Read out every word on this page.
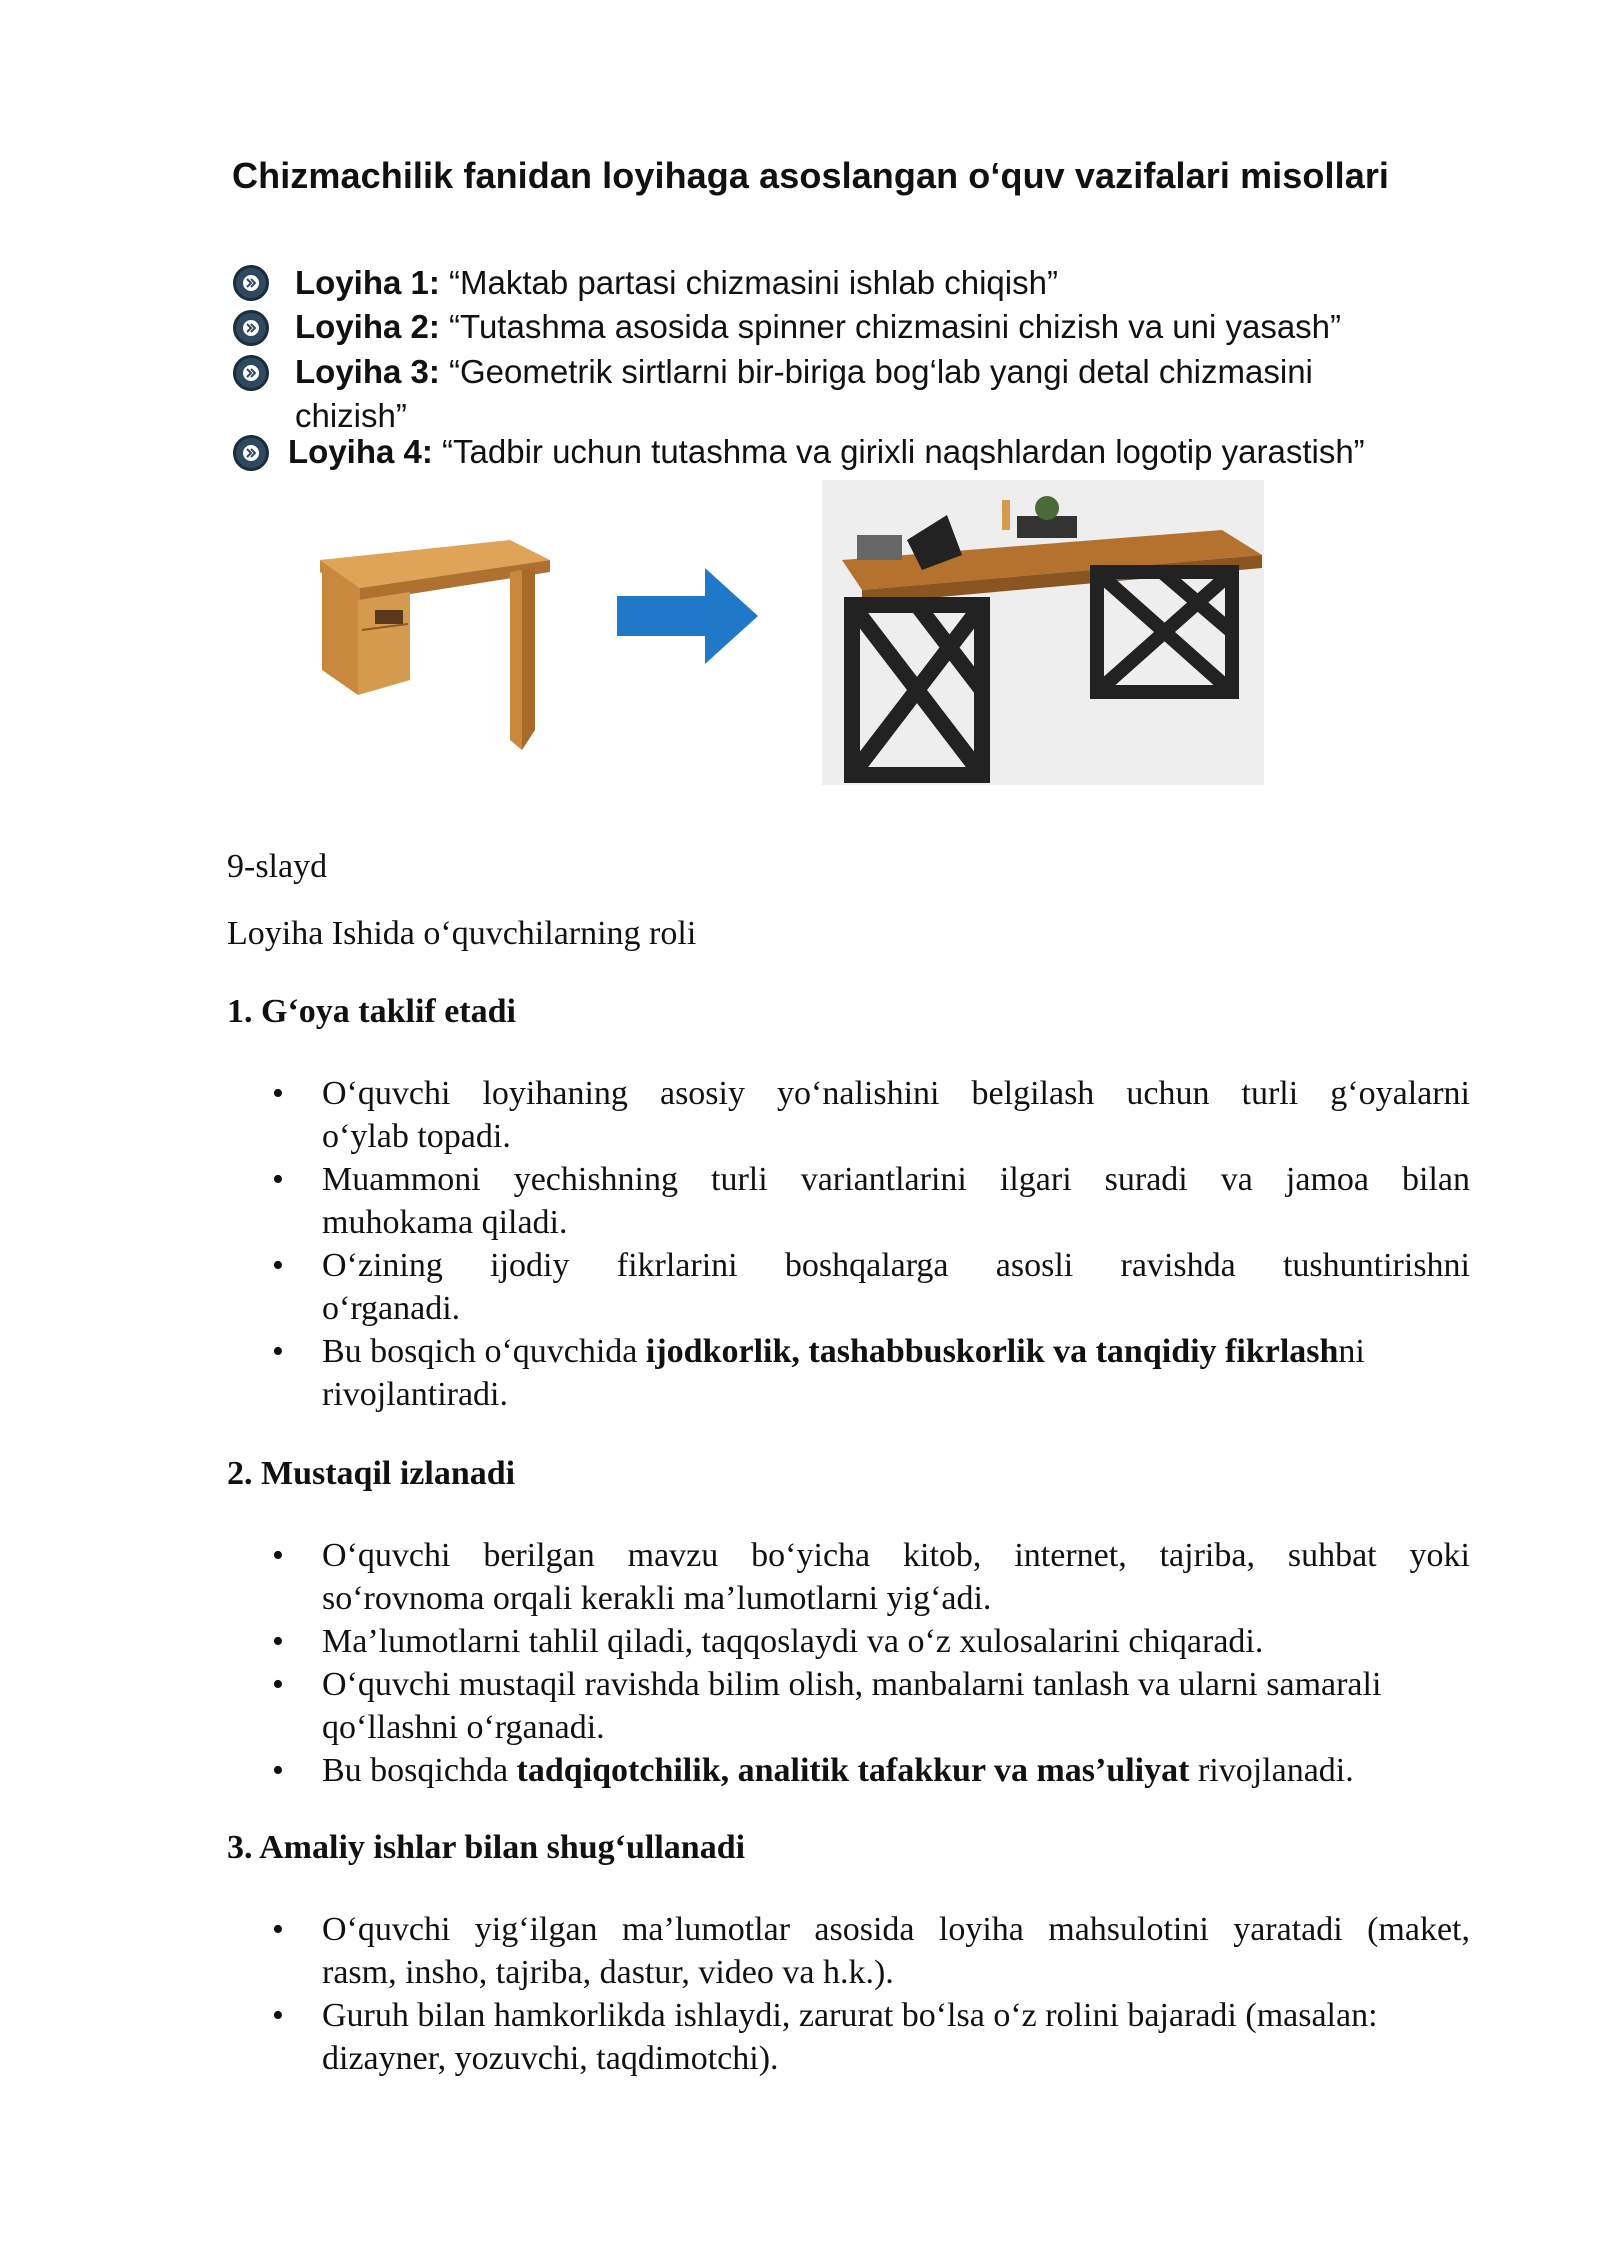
Chizmachilik fanidan loyihaga asoslangan o‘quv vazifalari misollari
Loyiha 1: “Maktab partasi chizmasini ishlab chiqish”
Loyiha 2: “Tutashma asosida spinner chizmasini chizish va uni yasash”
Loyiha 3: “Geometrik sirtlarni bir-biriga bog‘lab yangi detal chizmasini
chizish”
Loyiha 4: “Tadbir uchun tutashma va girixli naqshlardan logotip yarastish”
9-slayd
Loyiha Ishida o‘quvchilarning roli
1. G‘oya taklif etadi
• O‘quvchi loyihaning asosiy yo‘nalishini belgilash uchun turli g‘oyalarni
o‘ylab topadi.
• Muammoni yechishning turli variantlarini ilgari suradi va jamoa bilan
muhokama qiladi.
• O‘zining ijodiy fikrlarini boshqalarga asosli ravishda tushuntirishni
o‘rganadi.
• Bu bosqich o‘quvchida ijodkorlik, tashabbuskorlik va tanqidiy fikrlashni
rivojlantiradi.
2. Mustaqil izlanadi
• O‘quvchi berilgan mavzu bo‘yicha kitob, internet, tajriba, suhbat yoki
so‘rovnoma orqali kerakli ma’lumotlarni yig‘adi.
• Ma’lumotlarni tahlil qiladi, taqqoslaydi va o‘z xulosalarini chiqaradi.
• O‘quvchi mustaqil ravishda bilim olish, manbalarni tanlash va ularni samarali
qo‘llashni o‘rganadi.
• Bu bosqichda tadqiqotchilik, analitik tafakkur va mas’uliyat rivojlanadi.
3. Amaliy ishlar bilan shug‘ullanadi
• O‘quvchi yig‘ilgan ma’lumotlar asosida loyiha mahsulotini yaratadi (maket,
rasm, insho, tajriba, dastur, video va h.k.).
• Guruh bilan hamkorlikda ishlaydi, zarurat bo‘lsa o‘z rolini bajaradi (masalan:
dizayner, yozuvchi, taqdimotchi).
